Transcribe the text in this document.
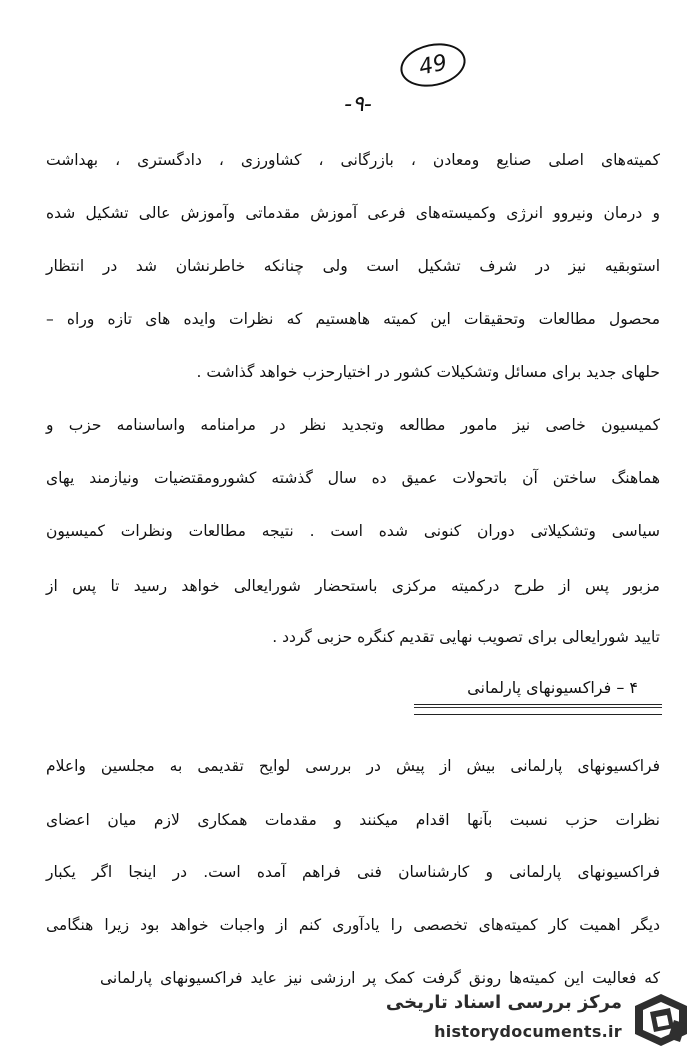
49
-۹-
کمیته‌های اصلی صنایع ومعادن ، بازرگانی ، کشاورزی ، دادگستری ، بهداشت
و درمان ونیروو انرژی وکمیسته‌های فرعی آموزش مقدماتی وآموزش عالی تشکیل شده
استوبقیه نیز در شرف تشکیل است ولی چنانکه خاطرنشان شد در انتظار
محصول مطالعات وتحقیقات این کمیته هاهستیم که نظرات وایده های تازه وراه –
حلهای جدید برای مسائل وتشکیلات کشور در اختیارحزب خواهد گذاشت .
کمیسیون خاصی نیز مامور مطالعه وتجدید نظر در مرامنامه واساسنامه حزب و
هماهنگ ساختن آن باتحولات عمیق ده سال گذشته کشورومقتضیات ونیازمند یهای
سیاسی وتشکیلاتی دوران کنونی شده است . نتیجه مطالعات ونظرات کمیسیون
مزبور پس از طرح درکمیته مرکزی باستحضار شورایعالی خواهد رسید تا پس از
تایید شورایعالی برای تصویب نهایی تقدیم کنگره حزبی گردد .
۴ – فراکسیونهای پارلمانی
فراکسیونهای پارلمانی بیش از پیش در بررسی لوایح تقدیمی به مجلسین واعلام
نظرات حزب نسبت بآنها اقدام میکنند و مقدمات همکاری لازم میان اعضای
فراکسیونهای پارلمانی و کارشناسان فنی فراهم آمده است. در اینجا اگر یکبار
دیگر اهمیت کار کمیته‌های تخصصی را یادآوری کنم از واجبات خواهد بود زیرا هنگامی
که فعالیت این کمیته‌ها رونق گرفت کمک پر ارزشی نیز عاید فراکسیونهای پارلمانی
مرکز بررسی اسناد تاریخی
historydocuments.ir
